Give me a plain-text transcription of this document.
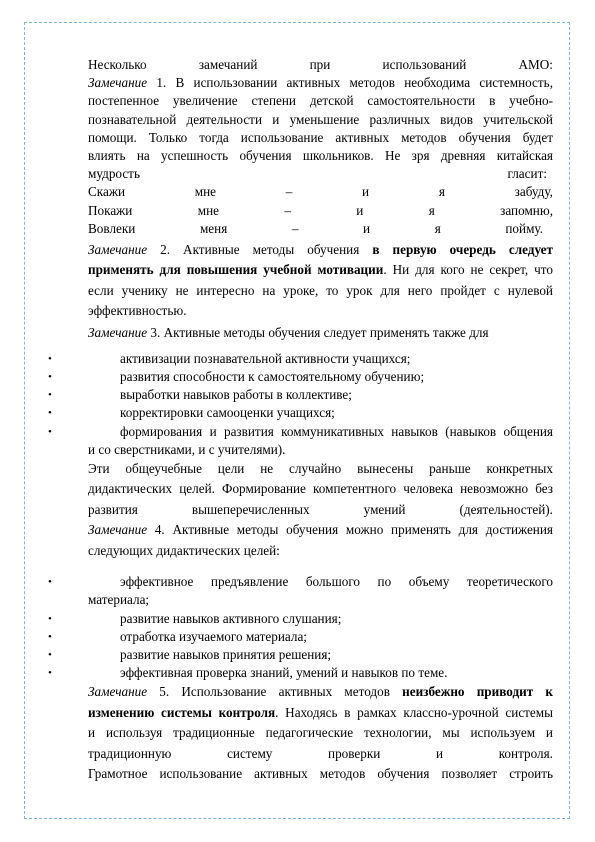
Несколько	замечаний	при	использований	АМО:
Замечание 1. В использовании активных методов необходима системность,
постепенное увеличение степени детской самостоятельности в учебно-
познавательной деятельности и уменьшение различных видов учительской
помощи. Только тогда использование активных методов обучения будет
влиять на успешность обучения школьников. Не зря древняя китайская
мудрость	гласит:
Скажи	мне	–	и	я	забуду,
Покажи	мне	–	и	я	запомню,
Вовлеки	меня	–	и	я	пойму.
Замечание 2. Активные методы обучения в первую очередь следует
применять для повышения учебной мотивации. Ни для кого не секрет, что
если ученику не интересно на уроке, то урок для него пройдет с нулевой
эффективностью.
Замечание 3. Активные методы обучения следует применять также для
•	активизации познавательной активности учащихся;
•	развития способности к самостоятельному обучению;
•	выработки навыков работы в коллективе;
•	корректировки самооценки учащихся;
•	формирования и развития коммуникативных навыков (навыков общения
и со сверстниками, и с учителями).
Эти общеучебные цели не случайно вынесены раньше конкретных
дидактических целей. Формирование компетентного человека невозможно без
развития	вышеперечисленных	умений	(деятельностей).
Замечание 4. Активные методы обучения можно применять для достижения
следующих дидактических целей:
•	эффективное предъявление большого по объему теоретического
материала;
•	развитие навыков активного слушания;
•	отработка изучаемого материала;
•	развитие навыков принятия решения;
•	эффективная проверка знаний, умений и навыков по теме.
Замечание 5. Использование активных методов неизбежно приводит к
изменению системы контроля. Находясь в рамках классно-урочной системы
и используя традиционные педагогические технологии, мы используем и
традиционную	систему	проверки	и	контроля.
Грамотное использование активных методов обучения позволяет строить
